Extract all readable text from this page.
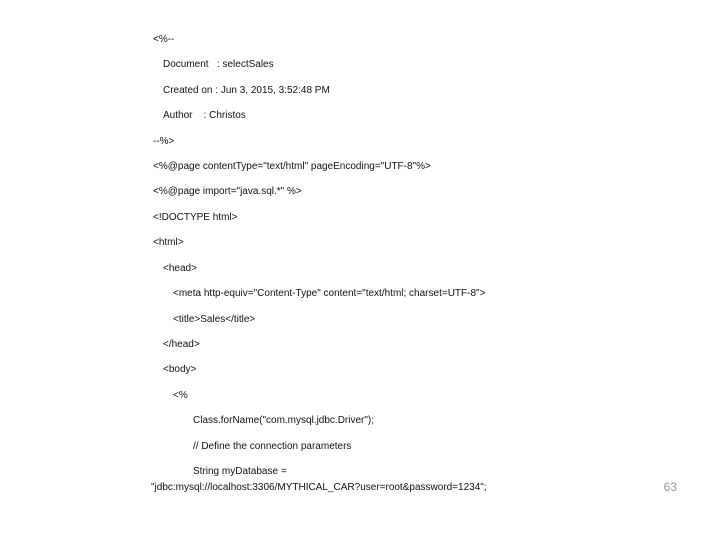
<%--
Document   : selectSales
Created on : Jun 3, 2015, 3:52:48 PM
Author    : Christos
--%>
<%@page contentType="text/html" pageEncoding="UTF-8"%>
<%@page import="java.sql.*" %>
<!DOCTYPE html>
<html>
<head>
<meta http-equiv="Content-Type" content="text/html; charset=UTF-8">
<title>Sales</title>
</head>
<body>
<%
Class.forName("com.mysql.jdbc.Driver");
// Define the connection parameters
String myDatabase =
"jdbc:mysql://localhost:3306/MYTHICAL_CAR?user=root&password=1234";	63
